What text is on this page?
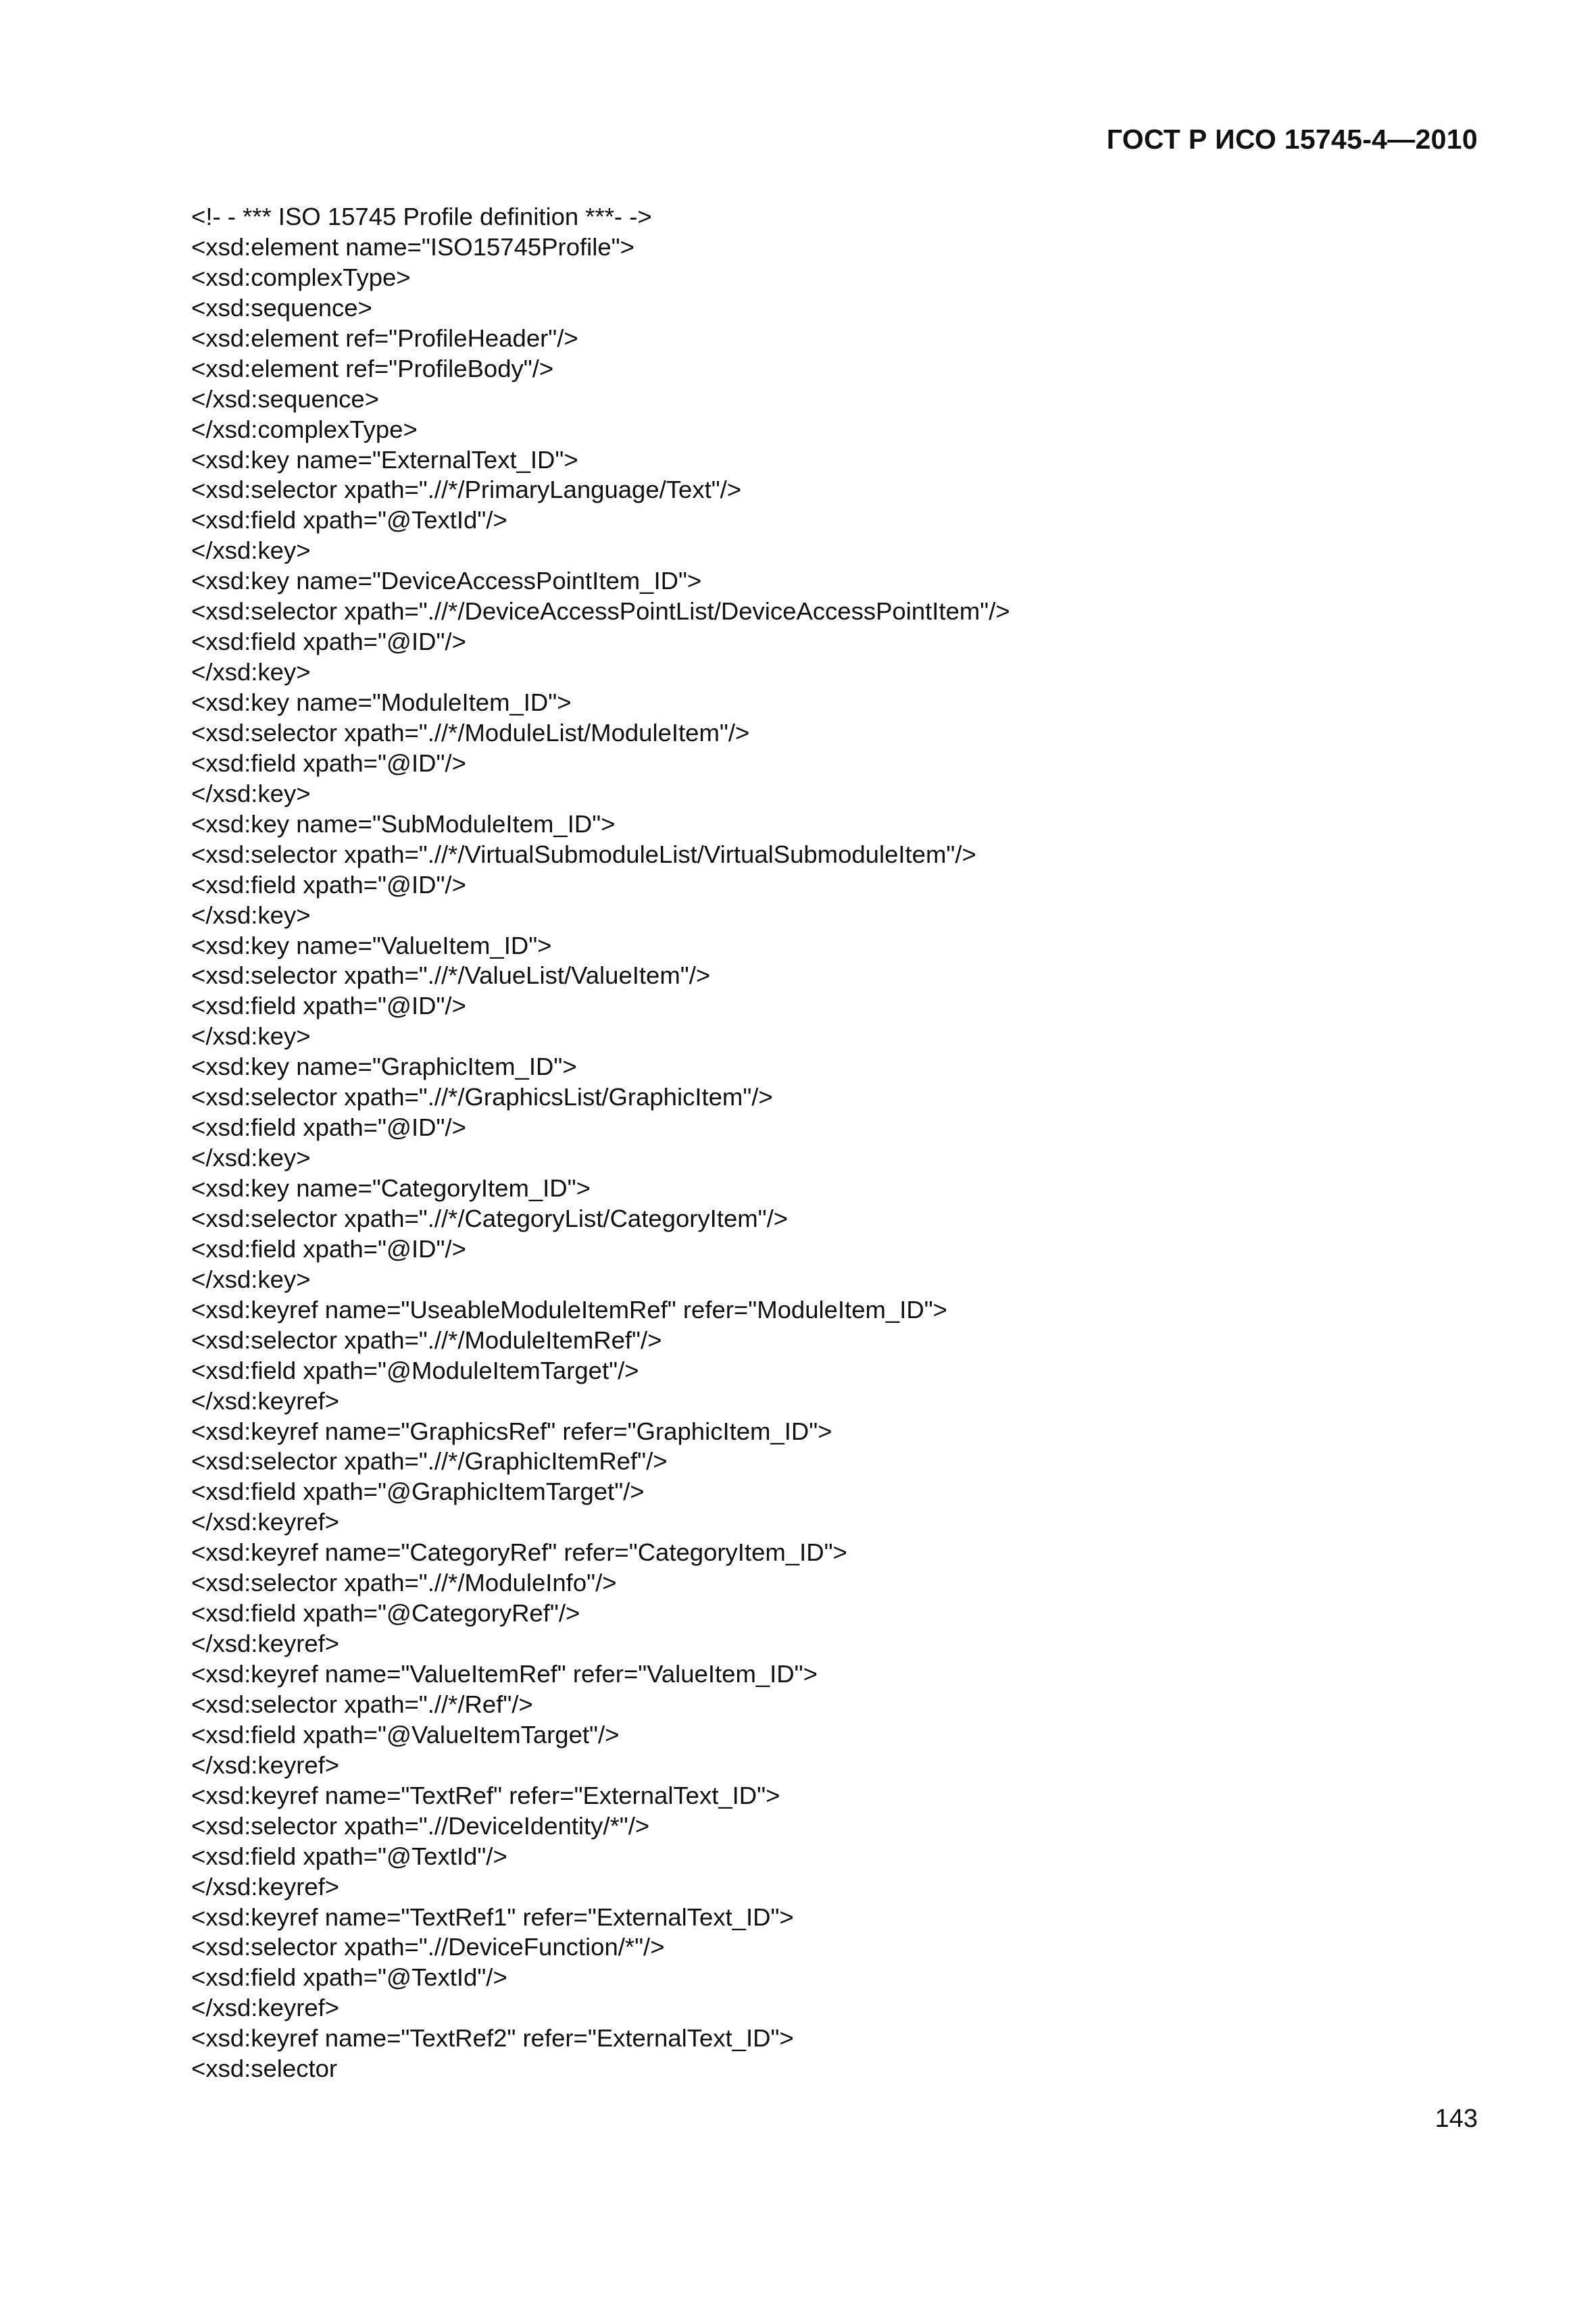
ГОСТ Р ИСО 15745-4—2010
<!- - *** ISO 15745 Profile definition ***- ->
<xsd:element name="ISO15745Profile">
<xsd:complexType>
<xsd:sequence>
<xsd:element ref="ProfileHeader"/>
<xsd:element ref="ProfileBody"/>
</xsd:sequence>
</xsd:complexType>
<xsd:key name="ExternalText_ID">
<xsd:selector xpath=".//*/PrimaryLanguage/Text"/>
<xsd:field xpath="@TextId"/>
</xsd:key>
<xsd:key name="DeviceAccessPointItem_ID">
<xsd:selector xpath=".//*/DeviceAccessPointList/DeviceAccessPointItem"/>
<xsd:field xpath="@ID"/>
</xsd:key>
<xsd:key name="ModuleItem_ID">
<xsd:selector xpath=".//*/ModuleList/ModuleItem"/>
<xsd:field xpath="@ID"/>
</xsd:key>
<xsd:key name="SubModuleItem_ID">
<xsd:selector xpath=".//*/VirtualSubmoduleList/VirtualSubmoduleItem"/>
<xsd:field xpath="@ID"/>
</xsd:key>
<xsd:key name="ValueItem_ID">
<xsd:selector xpath=".//*/ValueList/ValueItem"/>
<xsd:field xpath="@ID"/>
</xsd:key>
<xsd:key name="GraphicItem_ID">
<xsd:selector xpath=".//*/GraphicsList/GraphicItem"/>
<xsd:field xpath="@ID"/>
</xsd:key>
<xsd:key name="CategoryItem_ID">
<xsd:selector xpath=".//*/CategoryList/CategoryItem"/>
<xsd:field xpath="@ID"/>
</xsd:key>
<xsd:keyref name="UseableModuleItemRef" refer="ModuleItem_ID">
<xsd:selector xpath=".//*/ModuleItemRef"/>
<xsd:field xpath="@ModuleItemTarget"/>
</xsd:keyref>
<xsd:keyref name="GraphicsRef" refer="GraphicItem_ID">
<xsd:selector xpath=".//*/GraphicItemRef"/>
<xsd:field xpath="@GraphicItemTarget"/>
</xsd:keyref>
<xsd:keyref name="CategoryRef" refer="CategoryItem_ID">
<xsd:selector xpath=".//*/ModuleInfo"/>
<xsd:field xpath="@CategoryRef"/>
</xsd:keyref>
<xsd:keyref name="ValueItemRef" refer="ValueItem_ID">
<xsd:selector xpath=".//*/Ref"/>
<xsd:field xpath="@ValueItemTarget"/>
</xsd:keyref>
<xsd:keyref name="TextRef" refer="ExternalText_ID">
<xsd:selector xpath=".//DeviceIdentity/*"/>
<xsd:field xpath="@TextId"/>
</xsd:keyref>
<xsd:keyref name="TextRef1" refer="ExternalText_ID">
<xsd:selector xpath=".//DeviceFunction/*"/>
<xsd:field xpath="@TextId"/>
</xsd:keyref>
<xsd:keyref name="TextRef2" refer="ExternalText_ID">
<xsd:selector
143
